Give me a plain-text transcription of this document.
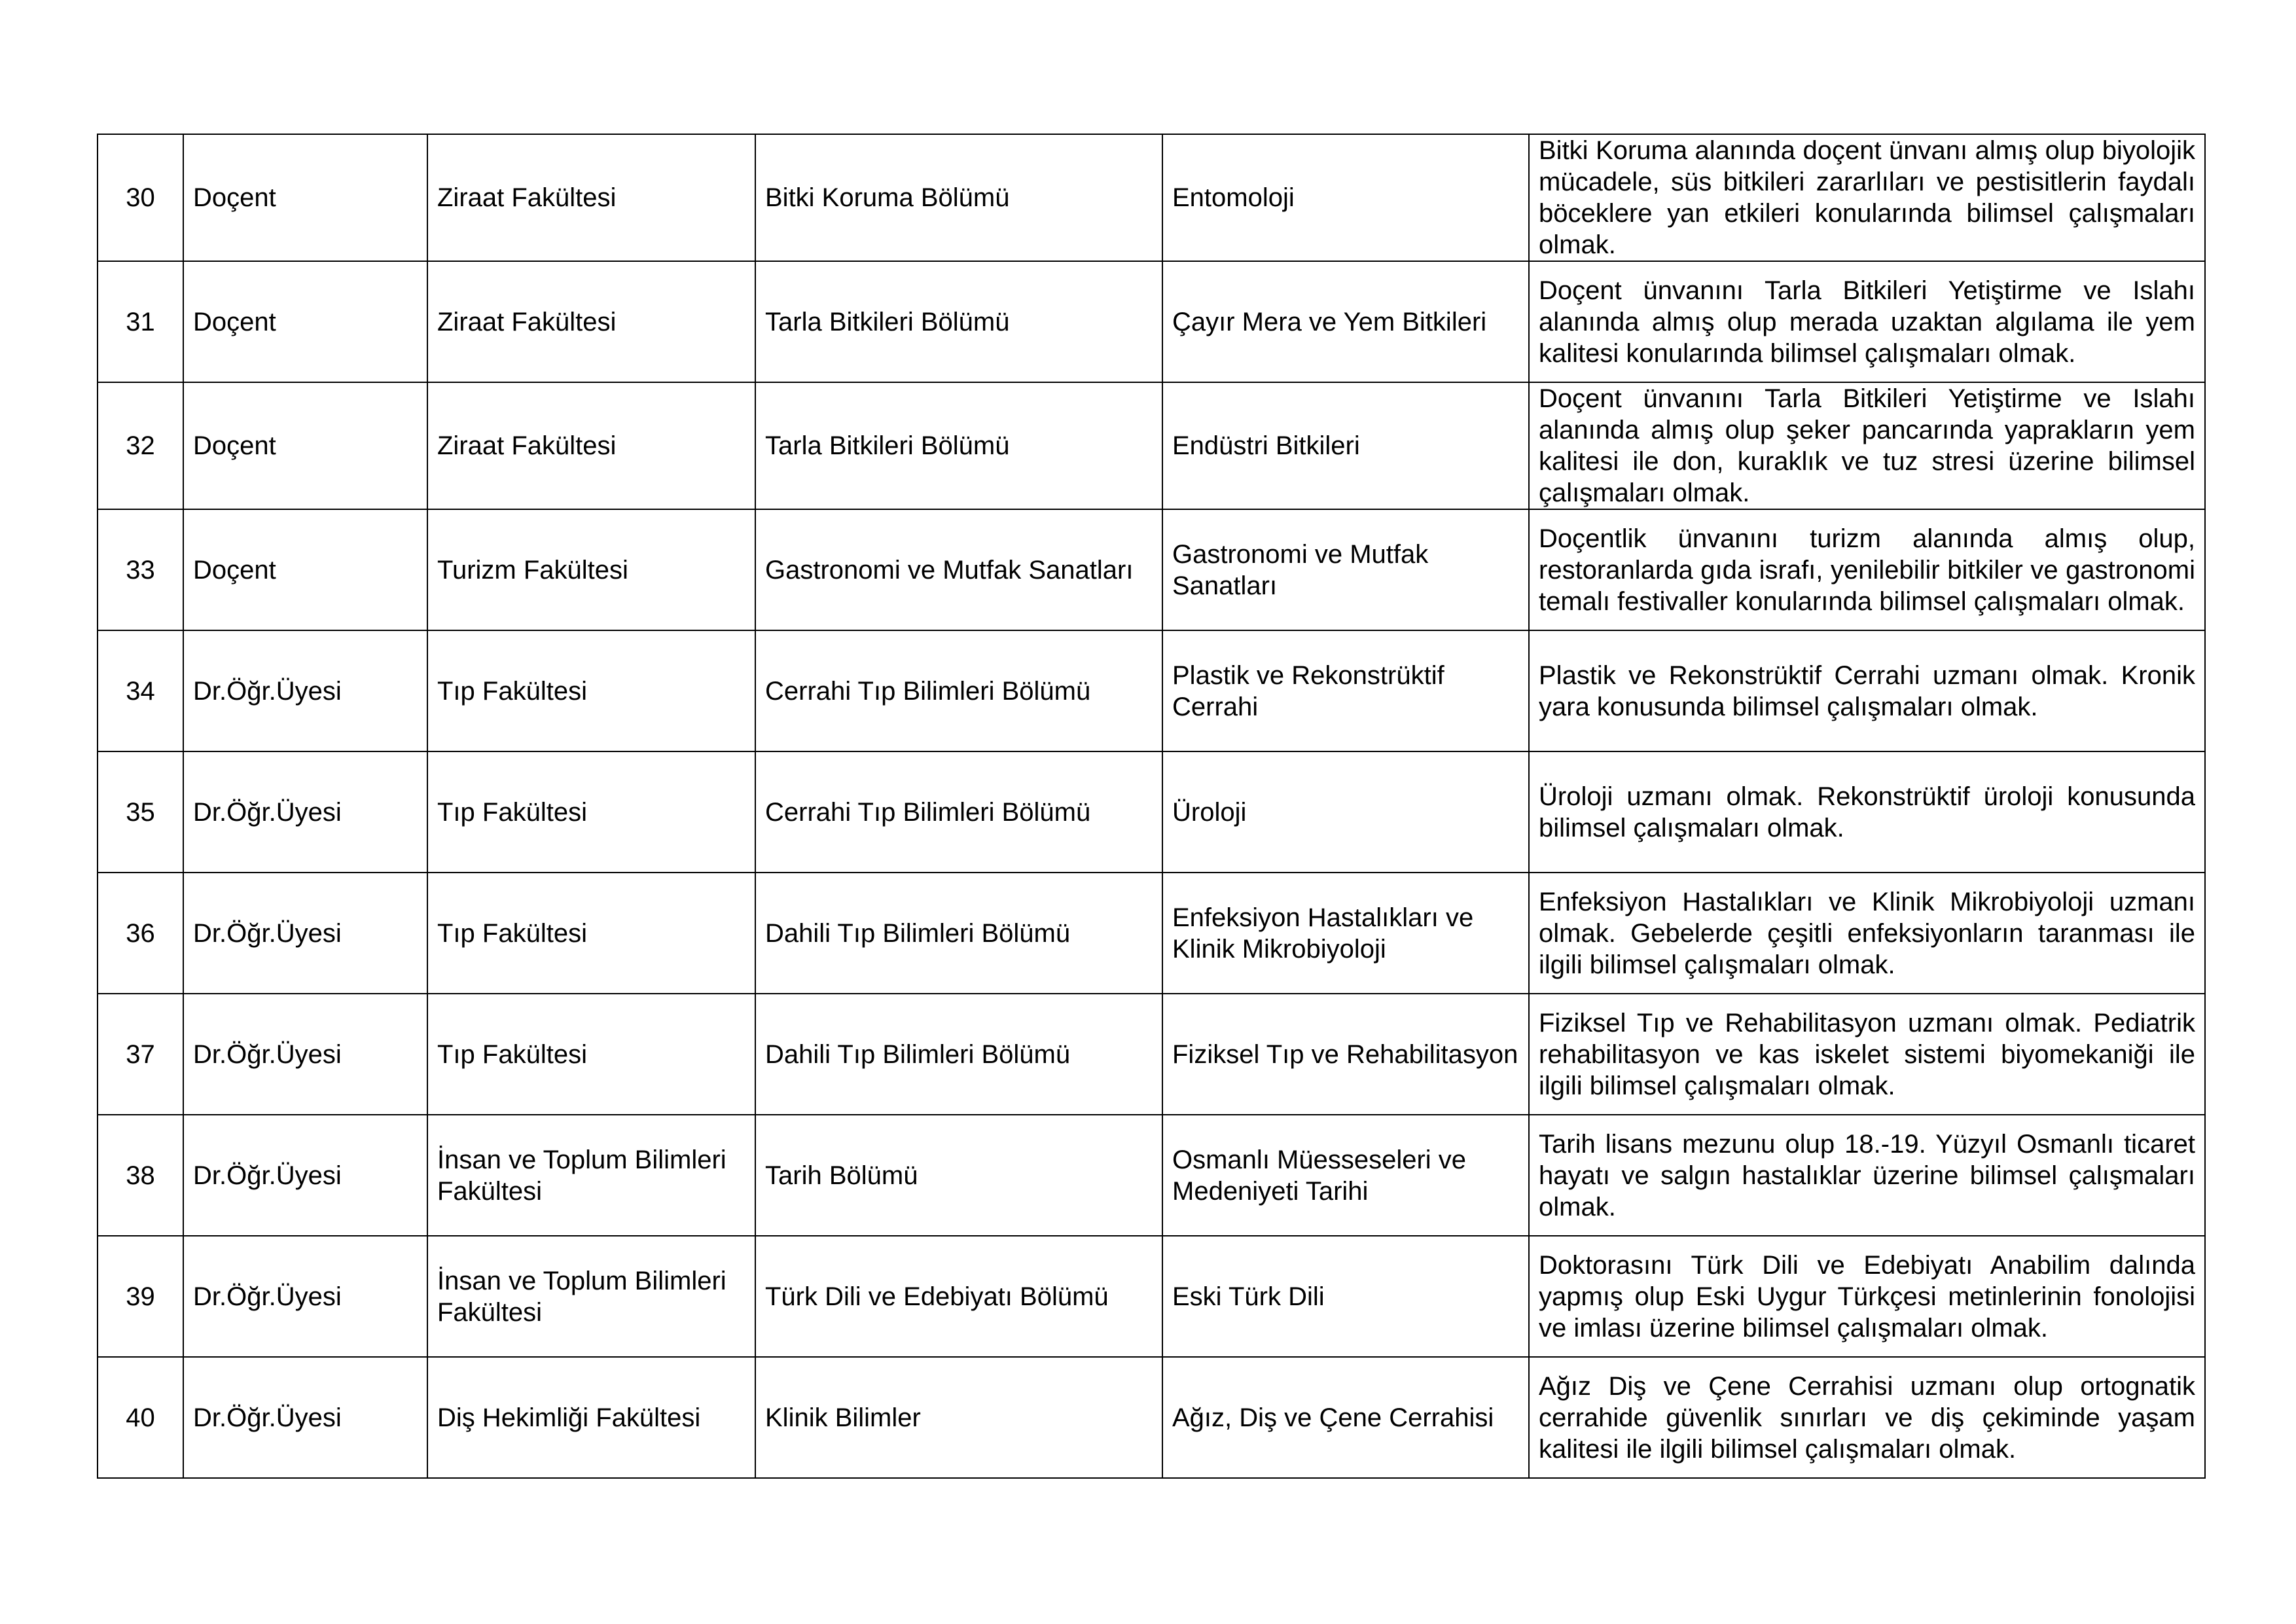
30	Doçent	Ziraat Fakültesi	Bitki Koruma Bölümü	Entomoloji	Bitki Koruma alanında doçent ünvanı almış olup biyolojik mücadele, süs bitkileri zararlıları ve pestisitlerin faydalı böceklere yan etkileri konularında bilimsel çalışmaları olmak.
31	Doçent	Ziraat Fakültesi	Tarla Bitkileri Bölümü	Çayır Mera ve Yem Bitkileri	Doçent ünvanını Tarla Bitkileri Yetiştirme ve Islahı alanında almış olup merada uzaktan algılama ile yem kalitesi konularında bilimsel çalışmaları olmak.
32	Doçent	Ziraat Fakültesi	Tarla Bitkileri Bölümü	Endüstri Bitkileri	Doçent ünvanını Tarla Bitkileri Yetiştirme ve Islahı alanında almış olup şeker pancarında yaprakların yem kalitesi ile don, kuraklık ve tuz stresi üzerine bilimsel çalışmaları olmak.
33	Doçent	Turizm Fakültesi	Gastronomi ve Mutfak Sanatları	Gastronomi ve Mutfak Sanatları	Doçentlik ünvanını turizm alanında almış olup, restoranlarda gıda israfı, yenilebilir bitkiler ve gastronomi temalı festivaller konularında bilimsel çalışmaları olmak.
34	Dr.Öğr.Üyesi	Tıp Fakültesi	Cerrahi Tıp Bilimleri Bölümü	Plastik ve Rekonstrüktif Cerrahi	Plastik ve Rekonstrüktif Cerrahi uzmanı olmak. Kronik yara konusunda bilimsel çalışmaları olmak.
35	Dr.Öğr.Üyesi	Tıp Fakültesi	Cerrahi Tıp Bilimleri Bölümü	Üroloji	Üroloji uzmanı olmak. Rekonstrüktif üroloji konusunda bilimsel çalışmaları olmak.
36	Dr.Öğr.Üyesi	Tıp Fakültesi	Dahili Tıp Bilimleri Bölümü	Enfeksiyon Hastalıkları ve Klinik Mikrobiyoloji	Enfeksiyon Hastalıkları ve Klinik Mikrobiyoloji uzmanı olmak. Gebelerde çeşitli enfeksiyonların taranması ile ilgili bilimsel çalışmaları olmak.
37	Dr.Öğr.Üyesi	Tıp Fakültesi	Dahili Tıp Bilimleri Bölümü	Fiziksel Tıp ve Rehabilitasyon	Fiziksel Tıp ve Rehabilitasyon uzmanı olmak. Pediatrik rehabilitasyon ve kas iskelet sistemi biyomekaniği ile ilgili bilimsel çalışmaları olmak.
38	Dr.Öğr.Üyesi	İnsan ve Toplum Bilimleri Fakültesi	Tarih Bölümü	Osmanlı Müesseseleri ve Medeniyeti Tarihi	Tarih lisans mezunu olup 18.-19. Yüzyıl Osmanlı ticaret hayatı ve salgın hastalıklar üzerine bilimsel çalışmaları olmak.
39	Dr.Öğr.Üyesi	İnsan ve Toplum Bilimleri Fakültesi	Türk Dili ve Edebiyatı Bölümü	Eski Türk Dili	Doktorasını Türk Dili ve Edebiyatı Anabilim dalında yapmış olup Eski Uygur Türkçesi metinlerinin fonolojisi ve imlası üzerine bilimsel çalışmaları olmak.
40	Dr.Öğr.Üyesi	Diş Hekimliği Fakültesi	Klinik Bilimler	Ağız, Diş ve Çene Cerrahisi	Ağız Diş ve Çene Cerrahisi uzmanı olup ortognatik cerrahide güvenlik sınırları ve diş çekiminde yaşam kalitesi ile ilgili bilimsel çalışmaları olmak.
